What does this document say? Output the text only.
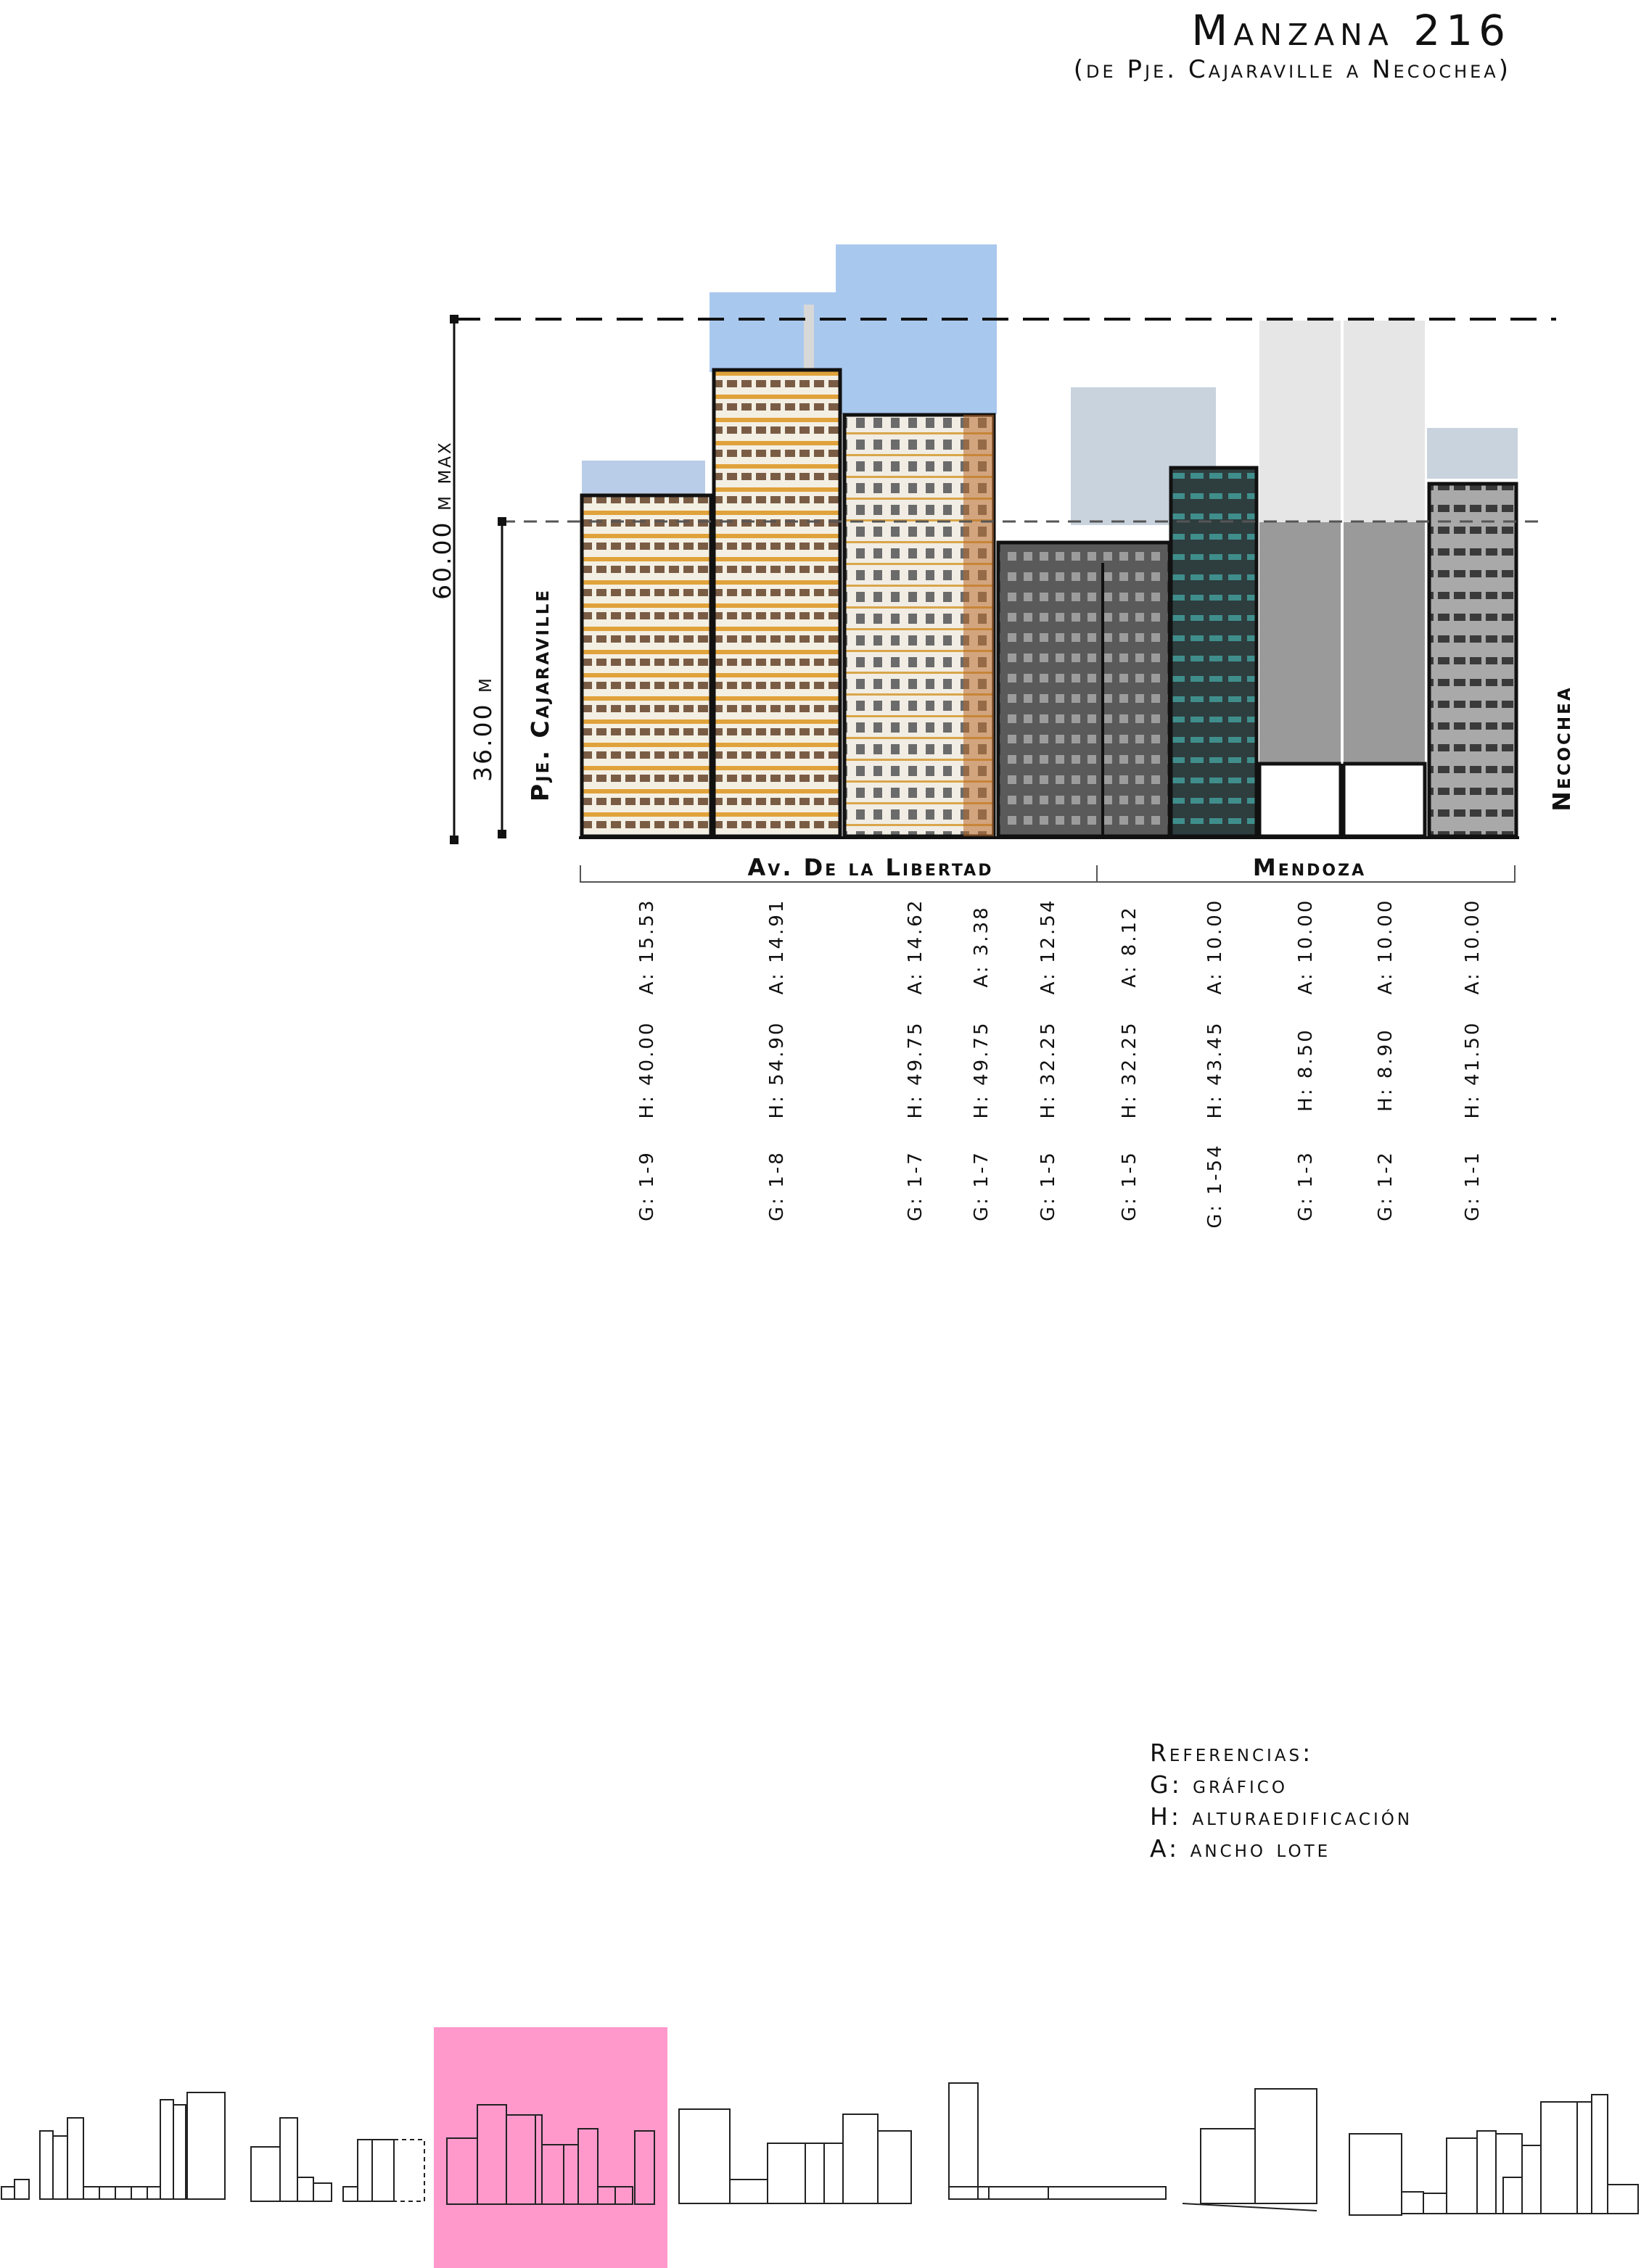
Manzana 216
(de Pje. Cajaraville a Necochea)
60.00 m max
36.00 m Pje. Cajaraville	Necochea
Av. De la Libertad	Mendoza
A: 15.53
H: 40.00
G: 1-9
A: 14.91
H: 54.90
G: 1-8
A: 14.62
H: 49.75
G: 1-7
A: 3.38
H: 49.75
G: 1-7
A: 12.54
H: 32.25
G: 1-5
A: 8.12
H: 32.25
G: 1-5
A: 10.00
H: 43.45
G: 1-54
A: 10.00
H: 8.50
G: 1-3
A: 10.00
H: 8.90
G: 1-2
A: 10.00
H: 41.50
G: 1-1
Referencias:
G: gráfico
H: alturaedificación
A: ancho lote
